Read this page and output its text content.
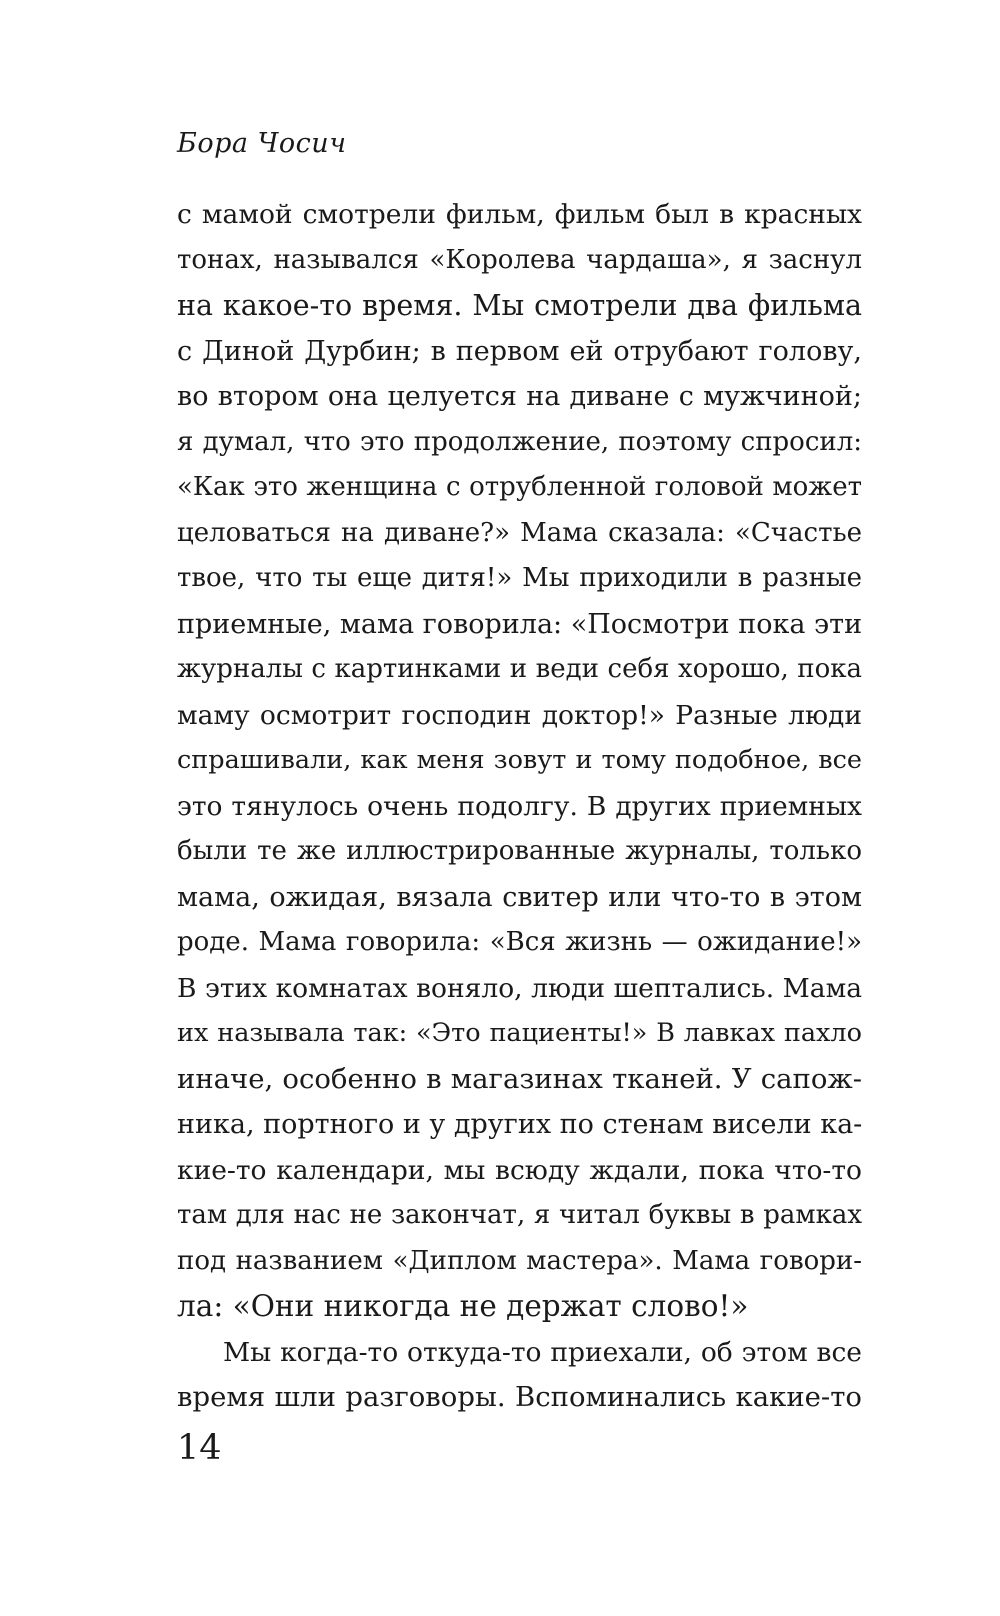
Бора Чосич
с мамой смотрели фильм, фильм был в красных
тонах, назывался «Королева чардаша», я заснул
на какое-то время. Мы смотрели два фильма
с Диной Дурбин; в первом ей отрубают голову,
во втором она целуется на диване с мужчиной;
я думал, что это продолжение, поэтому спросил:
«Как это женщина с отрубленной головой может
целоваться на диване?» Мама сказала: «Счастье
твое, что ты еще дитя!» Мы приходили в разные
приемные, мама говорила: «Посмотри пока эти
журналы с картинками и веди себя хорошо, пока
маму осмотрит господин доктор!» Разные люди
спрашивали, как меня зовут и тому подобное, все
это тянулось очень подолгу. В других приемных
были те же иллюстрированные журналы, только
мама, ожидая, вязала свитер или что-то в этом
роде. Мама говорила: «Вся жизнь — ожидание!»
В этих комнатах воняло, люди шептались. Мама
их называла так: «Это пациенты!» В лавках пахло
иначе, особенно в магазинах тканей. У сапож-
ника, портного и у других по стенам висели ка-
кие-то календари, мы всюду ждали, пока что-то
там для нас не закончат, я читал буквы в рамках
под названием «Диплом мастера». Мама говори-
ла: «Они никогда не держат слово!»
Мы когда-то откуда-то приехали, об этом все
время шли разговоры. Вспоминались какие-то
14
